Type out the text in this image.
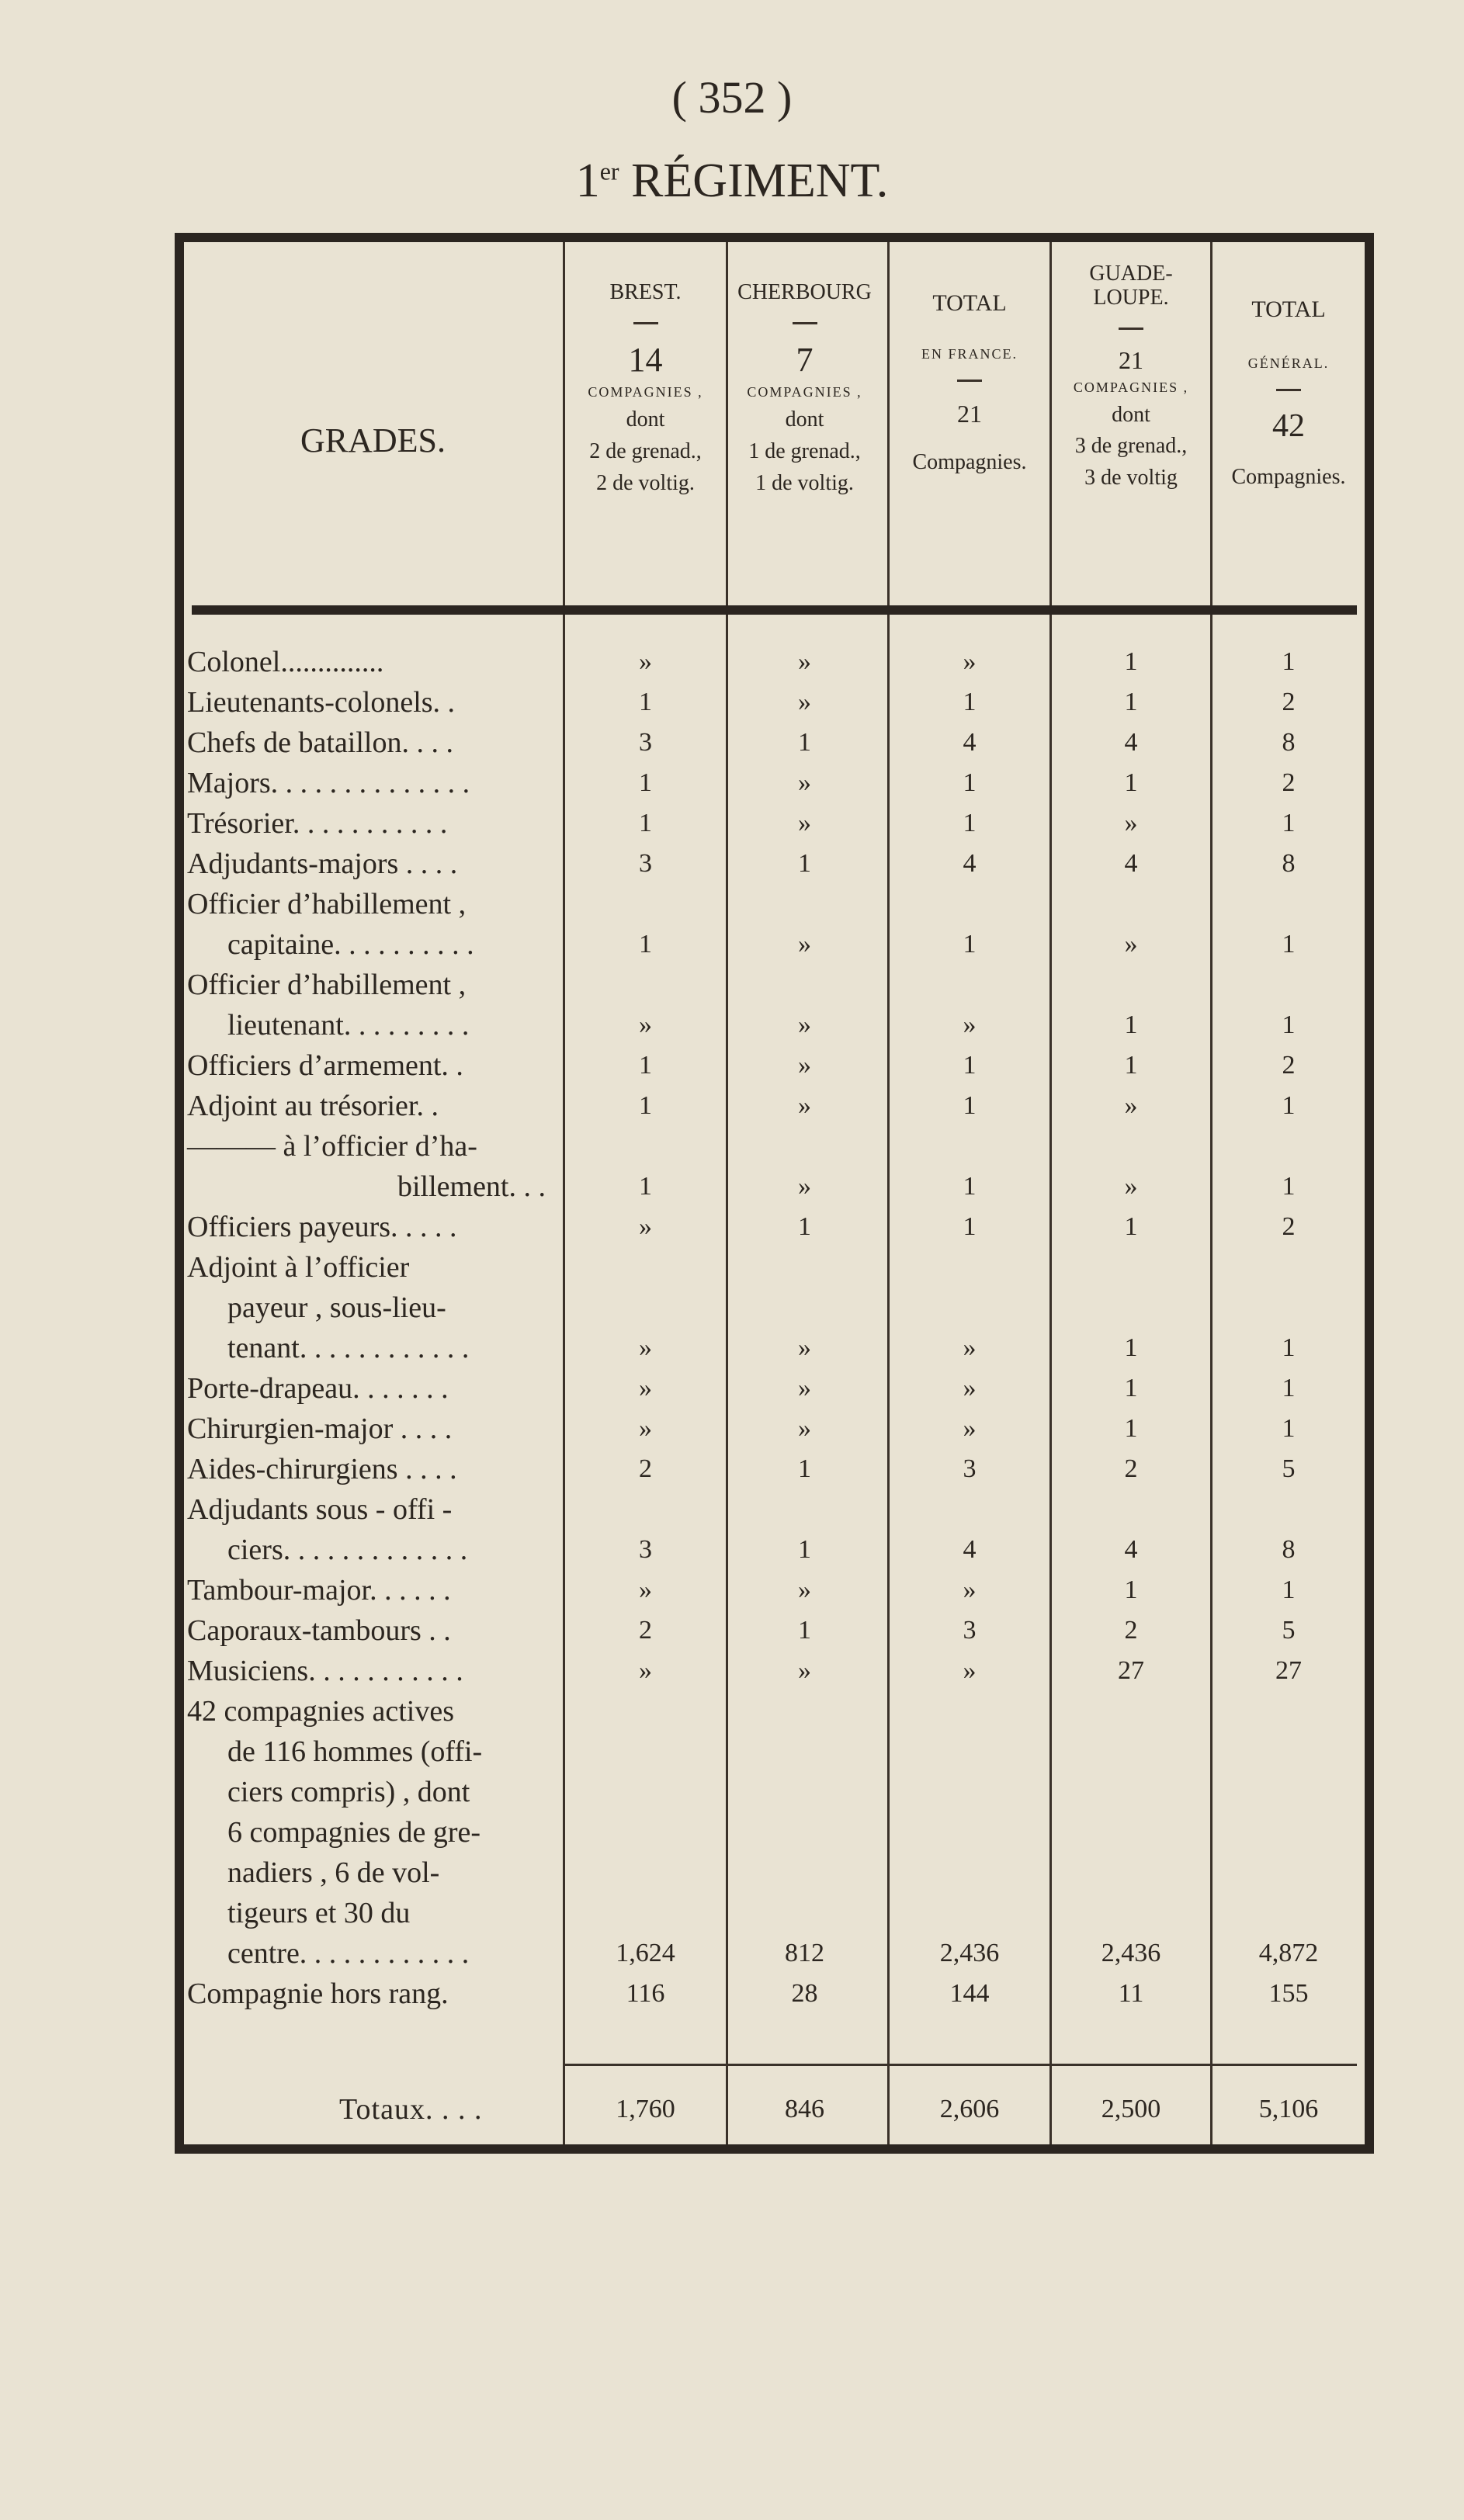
( 352 )
1er RÉGIMENT.
GRADES.
BREST.
14
COMPAGNIES ,
dont
2 de grenad.,
2 de voltig.
CHERBOURG
7
COMPAGNIES ,
dont
1 de grenad.,
1 de voltig.
TOTAL
EN FRANCE.
21
Compagnies.
GUADE-
LOUPE.
21
COMPAGNIES ,
dont
3 de grenad.,
3 de voltig
TOTAL
GÉNÉRAL.
42
Compagnies.
Colonel..............	»	»	»	1	1
Lieutenants-colonels. .	1	»	1	1	2
Chefs de bataillon. . . .	3	1	4	4	8
Majors. . . . . . . . . . . . . .	1	»	1	1	2
Trésorier. . . . . . . . . . .	1	»	1	»	1
Adjudants-majors . . . .	3	1	4	4	8
Officier d’habillement ,
capitaine. . . . . . . . . .	1	»	1	»	1
Officier d’habillement ,
lieutenant. . . . . . . . .	»	»	»	1	1
Officiers d’armement. .	1	»	1	1	2
Adjoint au trésorier. .	1	»	1	»	1
——— à l’officier d’ha-
billement. . .	1	»	1	»	1
Officiers payeurs. . . . .	»	1	1	1	2
Adjoint à l’officier
payeur , sous-lieu-
tenant. . . . . . . . . . . .	»	»	»	1	1
Porte-drapeau. . . . . . .	»	»	»	1	1
Chirurgien-major . . . .	»	»	»	1	1
Aides-chirurgiens . . . .	2	1	3	2	5
Adjudants sous - offi -
ciers. . . . . . . . . . . . .	3	1	4	4	8
Tambour-major. . . . . .	»	»	»	1	1
Caporaux-tambours . .	2	1	3	2	5
Musiciens. . . . . . . . . . .	»	»	»	27	27
42 compagnies actives
de 116 hommes (offi-
ciers compris) , dont
6 compagnies de gre-
nadiers , 6 de vol-
tigeurs et 30 du
centre. . . . . . . . . . . .	1,624	812	2,436	2,436	4,872
Compagnie hors rang.	116	28	144	11	155
Totaux. . . .	1,760	846	2,606	2,500	5,106
